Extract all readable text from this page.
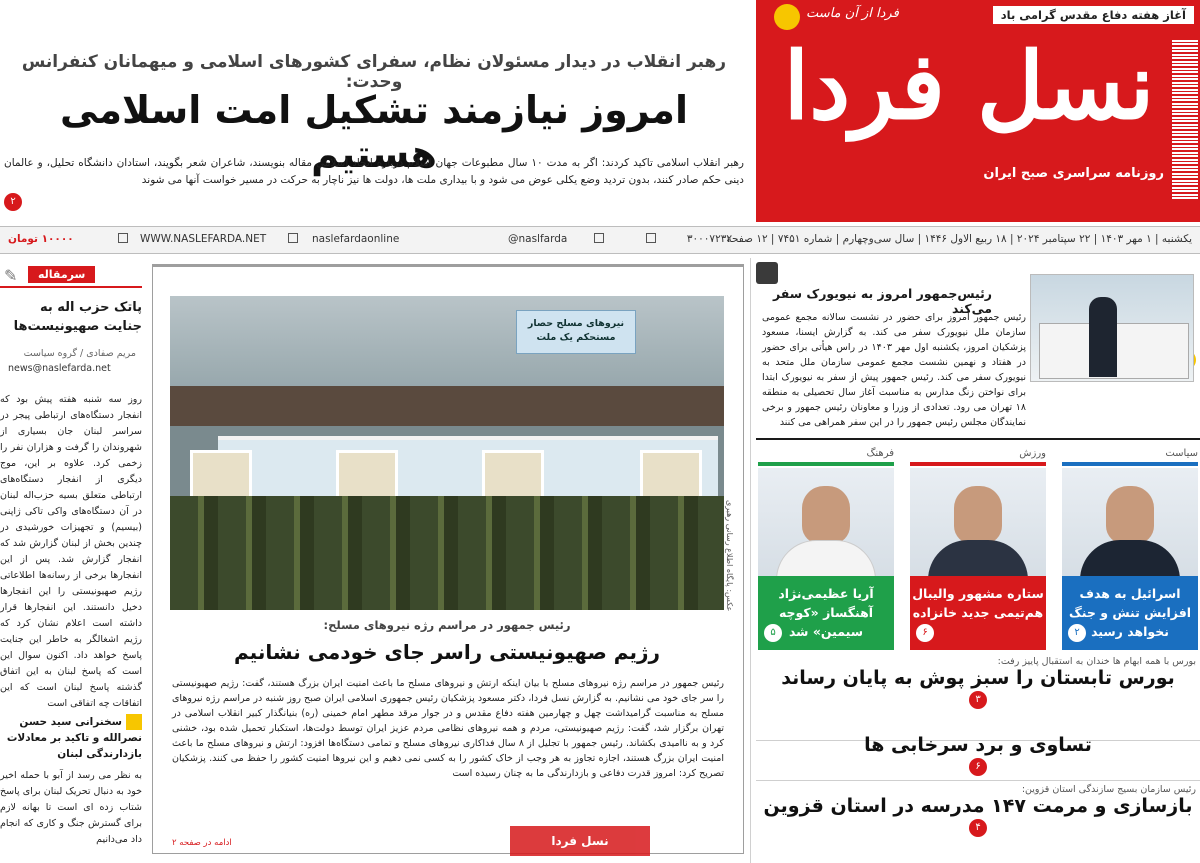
آغاز هفته دفاع مقدس گرامی باد
فردا از آن ماست
نسل فردا
روزنامه سراسری صبح ایران
رهبر انقلاب در دیدار مسئولان نظام، سفرای کشورهای اسلامی و میهمانان کنفرانس وحدت:
امروز نیازمند تشکیل امت اسلامی هستیم
رهبر انقلاب اسلامی تاکید کردند: اگر به مدت ۱۰ سال مطبوعات جهان اسلام درباره اتحاد اسلامی مقاله بنویسند، شاعران شعر بگویند، استادان دانشگاه تحلیل، و عالمان دینی حکم صادر کنند، بدون تردید وضع یکلی عوض می شود و با بیداری ملت ها، دولت ها نیز ناچار به حرکت در مسیر خواست آنها می شوند
۲
یکشنبه | ۱ مهر ۱۴۰۳ | ۲۲ سپتامبر ۲۰۲۴ | ۱۸ ربیع الاول ۱۴۴۶ | سال سی‌وچهارم | شماره ۷۴۵۱ | ۱۲ صفحه
۳۰۰۰۷۲۳۲
@naslfarda
naslefardaonline
WWW.NASLEFARDA.NET
۱۰۰۰۰ تومان
سرمقاله
✎
پاتک حزب اله به جنایت صهیونیست‌ها
مریم صفادی / گروه سیاست
news@naslefarda.net
روز سه شنبه هفته پیش بود که انفجار دستگاه‌های ارتباطی پیجر در سراسر لبنان جان بسیاری از شهروندان را گرفت و هزاران نفر را زخمی کرد. علاوه بر این، موج دیگری از انفجار دستگاه‌های ارتباطی متعلق بسیه حزب‌اله لبنان در آن دستگاه‌های واکی تاکی ژاپنی (بیسیم) و تجهیزات خورشیدی در چندین بخش از لبنان گزارش شد که انفجار گزارش شد. پس از این انفجارها برخی از رسانه‌ها اطلاعاتی رژیم صهیونیستی را این انفجارها دخیل دانستند. این انفجارها قرار داشته است اعلام نشان کرد که رژیم اشغالگر به خاطر این جنایت پاسخ خواهد داد. اکنون سوال این است که پاسخ لبنان به این اتفاق گذشته پاسخ لبنان است که این اتفاقات چه اتفاقی است
سخنرانی سید حسن نصرالله و تاکید بر معادلات بازدارندگی لبنان
به نظر می رسد از آبو با حمله اخیر خود به دنبال تحریک لبنان برای پاسخ شتاب زده ای است تا بهانه لازم برای گسترش جنگ و کاری که انجام داد می‌دانیم
نیروهای مسلح حصار مستحکم یک ملت
عکس: پایگاه اطلاع رسانی رهبری
رئیس جمهور در مراسم رژه نیروهای مسلح:
رژیم صهیونیستی راسر جای خودمی نشانیم
رئیس جمهور در مراسم رژه نیروهای مسلح با بیان اینکه ارتش و نیروهای مسلح ما باعث امنیت ایران بزرگ هستند، گفت: رژیم صهیونیستی را سر جای خود می نشانیم. به گزارش نسل فردا، دکتر مسعود پزشکیان رئیس جمهوری اسلامی ایران صبح روز شنبه در مراسم رژه نیروهای مسلح به مناسبت گرامیداشت چهل و چهارمین هفته دفاع مقدس و در جوار مرقد مطهر امام خمینی (ره) بنیانگذار کبیر انقلاب اسلامی در تهران برگزار شد، گفت: رژیم صهیونیستی، مردم و همه نیروهای نظامی مردم عزیز ایران توسط دولت‌ها، استکبار تحمیل شده بود، خشنی کرد و به ناامیدی بکشاند. رئیس جمهور با تجلیل از ۸ سال فداکاری نیروهای مسلح و تمامی دستگاه‌ها افزود: ارتش و نیروهای مسلح ما باعث امنیت ایران بزرگ هستند، اجازه تجاوز به هر وجب از خاک کشور را به کسی نمی دهیم و این نیروها امنیت کشور را حفظ می کنند. پزشکیان تصریح کرد: امروز قدرت دفاعی و بازدارندگی ما به چنان رسیده است
ادامه در صفحه ۲	نسل فردا
رئیس‌جمهور امروز به نیویورک سفر می‌کند
رئیس جمهور امروز برای حضور در نشست سالانه مجمع عمومی سازمان ملل نیویورک سفر می کند. به گزارش ایسنا، مسعود پزشکیان امروز، یکشنبه اول مهر ۱۴۰۳ در راس هیأتی برای حضور در هفتاد و نهمین نشست مجمع عمومی سازمان ملل متحد به نیویورک سفر می کند. رئیس جمهور پیش از سفر به نیویورک ابتدا برای نواختن زنگ مدارس به مناسبت آغاز سال تحصیلی به منطقه ۱۸ تهران می رود. تعدادی از وزرا و معاونان رئیس جمهور و برخی نمایندگان مجلس رئیس جمهور را در این سفر همراهی می کنند
سیاست
اسرائیل به هدف افزایش تنش و جنگ نخواهد رسید
۲
ورزش
ستاره مشهور والیبال هم‌تیمی جدید خانزاده
۶
فرهنگ
آریا عظیمی‌نژاد آهنگساز «کوچه سیمین» شد
۵
بورس با همه ابهام ها خندان به استقبال پاییز رفت:
بورس تابستان را سبز پوش به پایان رساند
۳
تساوی و برد سرخابی ها
۶
رئیس سازمان بسیج سازندگی استان قزوین:
بازسازی و مرمت ۱۴۷ مدرسه در استان قزوین
۴
